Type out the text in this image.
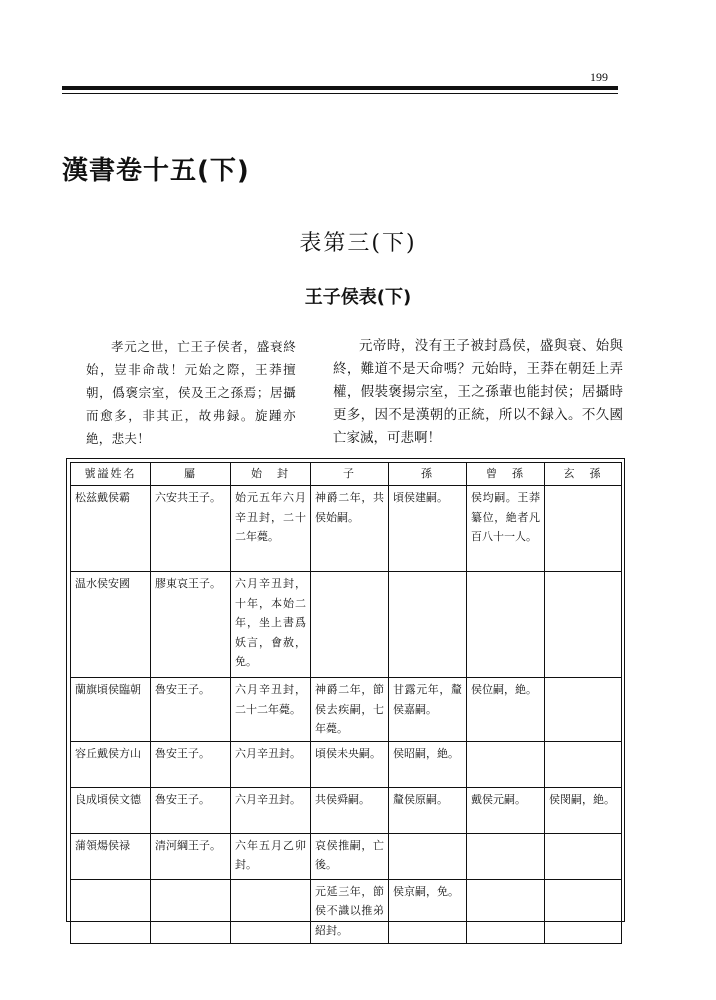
199
漢書卷十五(下)
表第三(下)
王子侯表(下)
孝元之世，亡王子侯者，盛衰終始，豈非命哉！元始之際，王莽擅朝，僞褒宗室，侯及王之孫焉；居攝而愈多，非其正，故弗録。旋踵亦絶，悲夫！
元帝時，没有王子被封爲侯，盛與衰、始與終，難道不是天命嗎？元始時，王莽在朝廷上弄權，假裝褒揚宗室，王之孫輩也能封侯；居攝時更多，因不是漢朝的正統，所以不録入。不久國亡家滅，可悲啊！
號謚姓名	屬	始　封	子	孫	曾　孫	玄　孫
松兹戴侯霸	六安共王子。	始元五年六月辛丑封，二十二年薨。	神爵二年，共侯始嗣。	頃侯建嗣。	侯均嗣。王莽纂位，絶者凡百八十一人。	
温水侯安國	膠東哀王子。	六月辛丑封，十年，本始二年，坐上書爲妖言，會赦，免。				
蘭旗頃侯臨朝	魯安王子。	六月辛丑封，二十二年薨。	神爵二年，節侯去疾嗣，七年薨。	甘露元年，釐侯嘉嗣。	侯位嗣，絶。	
容丘戴侯方山	魯安王子。	六月辛丑封。	頃侯未央嗣。	侯昭嗣，絶。		
良成頃侯文德	魯安王子。	六月辛丑封。	共侯舜嗣。	釐侯原嗣。	戴侯元嗣。	侯閔嗣，絶。
蒲領煬侯禄	清河綱王子。	六年五月乙卯封。	哀侯推嗣，亡後。			
			元延三年，節侯不識以推弟紹封。	侯京嗣，免。		
